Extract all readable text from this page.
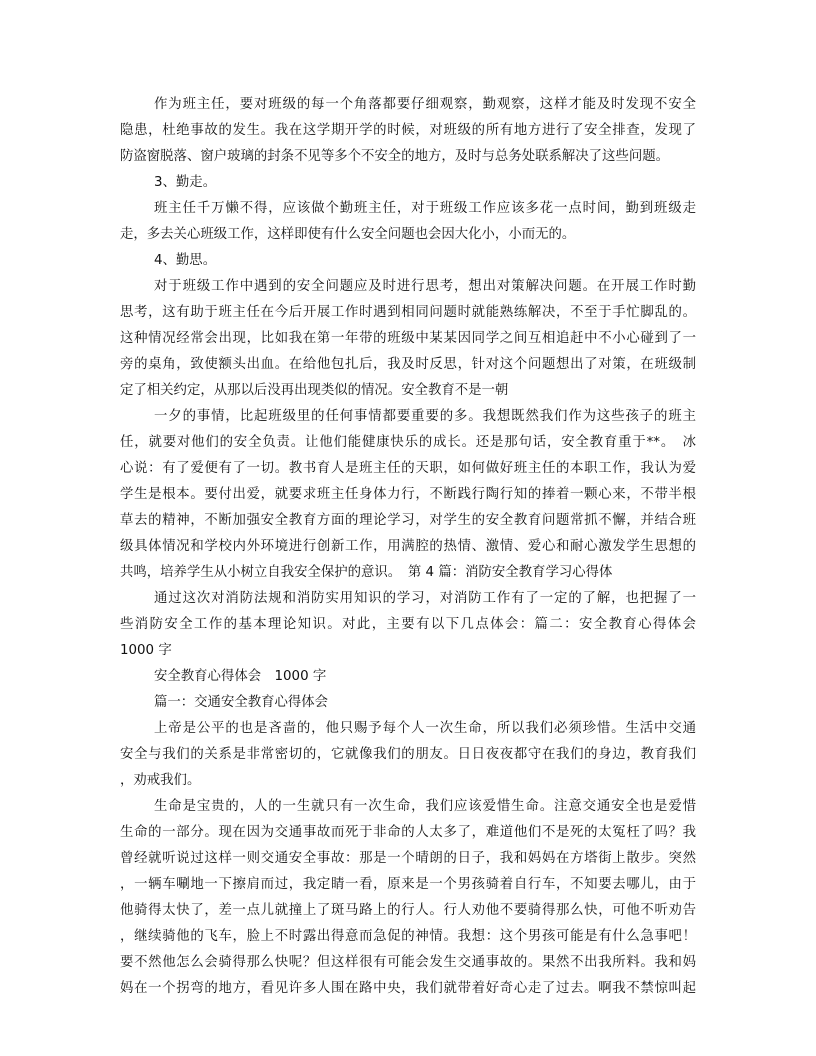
作为班主任，要对班级的每一个角落都要仔细观察，勤观察，这样才能及时发现不安全
隐患，杜绝事故的发生。我在这学期开学的时候，对班级的所有地方进行了安全排查，发现了
防盗窗脱落、窗户玻璃的封条不见等多个不安全的地方，及时与总务处联系解决了这些问题。
3、勤走。
班主任千万懒不得，应该做个勤班主任，对于班级工作应该多花一点时间，勤到班级走
走，多去关心班级工作，这样即使有什么安全问题也会因大化小，小而无的。
4、勤思。
对于班级工作中遇到的安全问题应及时进行思考，想出对策解决问题。在开展工作时勤
思考，这有助于班主任在今后开展工作时遇到相同问题时就能熟练解决，不至于手忙脚乱的。
这种情况经常会出现，比如我在第一年带的班级中某某因同学之间互相追赶中不小心碰到了一
旁的桌角，致使额头出血。在给他包扎后，我及时反思，针对这个问题想出了对策，在班级制
定了相关约定，从那以后没再出现类似的情况。安全教育不是一朝
一夕的事情，比起班级里的任何事情都要重要的多。我想既然我们作为这些孩子的班主
任，就要对他们的安全负责。让他们能健康快乐的成长。还是那句话，安全教育重于**。　冰
心说：有了爱便有了一切。教书育人是班主任的天职，如何做好班主任的本职工作，我认为爱
学生是根本。要付出爱，就要求班主任身体力行，不断践行陶行知的捧着一颗心来，不带半根
草去的精神，不断加强安全教育方面的理论学习，对学生的安全教育问题常抓不懈，并结合班
级具体情况和学校内外环境进行创新工作，用满腔的热情、激情、爱心和耐心激发学生思想的
共鸣，培养学生从小树立自我安全保护的意识。　第 4 篇：消防安全教育学习心得体
通过这次对消防法规和消防实用知识的学习，对消防工作有了一定的了解，也把握了一
些消防安全工作的基本理论知识。对此，主要有以下几点体会：篇二：安全教育心得体会
1000 字
安全教育心得体会　1000 字
篇一：交通安全教育心得体会
上帝是公平的也是吝啬的，他只赐予每个人一次生命，所以我们必须珍惜。生活中交通
安全与我们的关系是非常密切的，它就像我们的朋友。日日夜夜都守在我们的身边，教育我们
，劝戒我们。
生命是宝贵的，人的一生就只有一次生命，我们应该爱惜生命。注意交通安全也是爱惜
生命的一部分。现在因为交通事故而死于非命的人太多了，难道他们不是死的太冤枉了吗？我
曾经就听说过这样一则交通安全事故：那是一个晴朗的日子，我和妈妈在方塔街上散步。突然
，一辆车唰地一下擦肩而过，我定睛一看，原来是一个男孩骑着自行车，不知要去哪儿，由于
他骑得太快了，差一点儿就撞上了斑马路上的行人。行人劝他不要骑得那么快，可他不听劝告
，继续骑他的飞车，脸上不时露出得意而急促的神情。我想：这个男孩可能是有什么急事吧！
要不然他怎么会骑得那么快呢？但这样很有可能会发生交通事故的。果然不出我所料。我和妈
妈在一个拐弯的地方，看见许多人围在路中央，我们就带着好奇心走了过去。啊我不禁惊叫起
